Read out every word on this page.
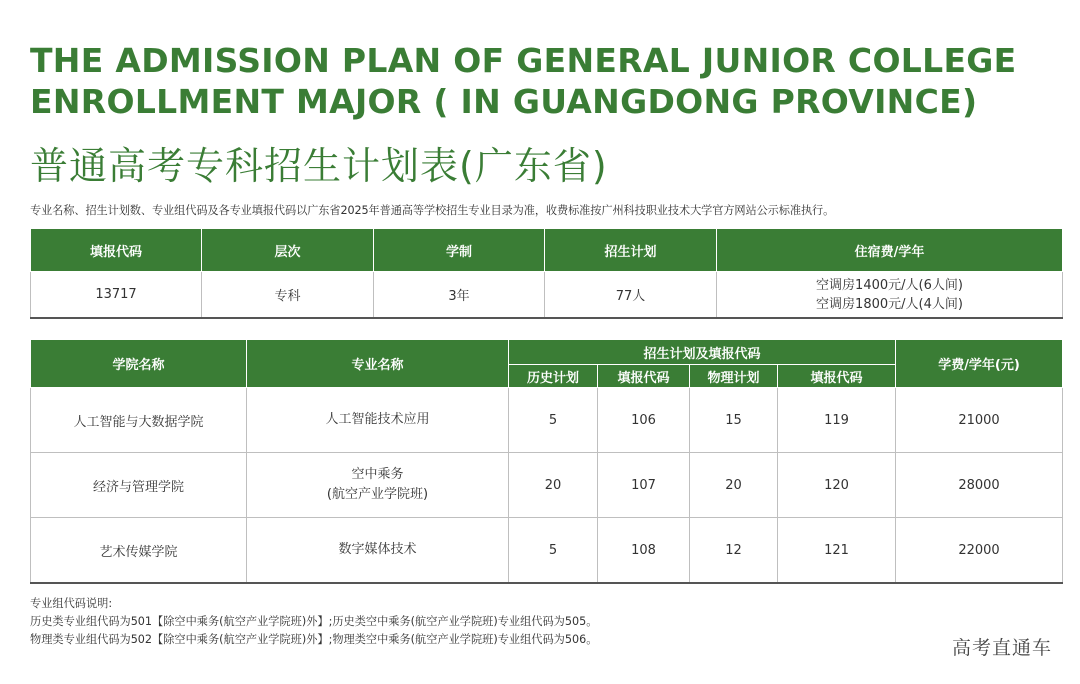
THE ADMISSION PLAN OF GENERAL JUNIOR COLLEGE
ENROLLMENT MAJOR ( IN GUANGDONG PROVINCE)
普通高考专科招生计划表(广东省)
专业名称、招生计划数、专业组代码及各专业填报代码以广东省2025年普通高等学校招生专业目录为准，收费标准按广州科技职业技术大学官方网站公示标准执行。
填报代码	层次	学制	招生计划	住宿费/学年
13717	专科	3年	77人	空调房1400元/人(6人间)
空调房1800元/人(4人间)
学院名称	专业名称	招生计划及填报代码				学费/学年(元)
		历史计划	填报代码	物理计划	填报代码	
人工智能与大数据学院	人工智能技术应用	5	106	15	119	21000
经济与管理学院	空中乘务
(航空产业学院班)	20	107	20	120	28000
艺术传媒学院	数字媒体技术	5	108	12	121	22000
专业组代码说明:
历史类专业组代码为501【除空中乘务(航空产业学院班)外】;历史类空中乘务(航空产业学院班)专业组代码为505。
物理类专业组代码为502【除空中乘务(航空产业学院班)外】;物理类空中乘务(航空产业学院班)专业组代码为506。	高考直通车
